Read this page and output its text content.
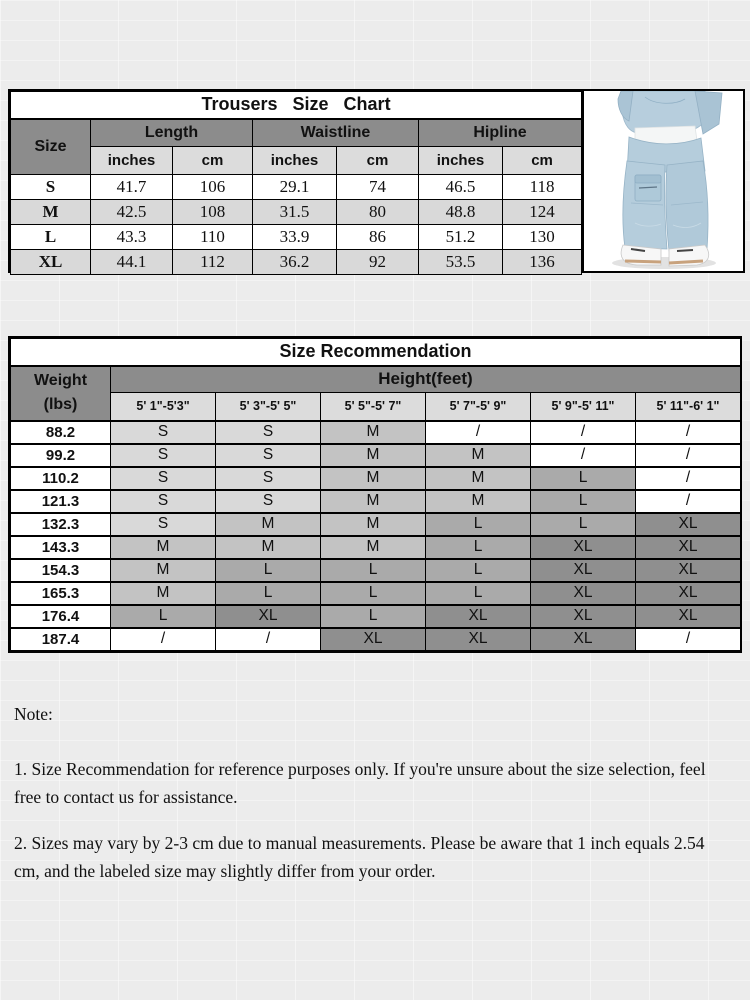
Trousers Size Chart						
Size	Length		Waistline		Hipline	
	inches	cm	inches	cm	inches	cm
S	41.7	106	29.1	74	46.5	118
M	42.5	108	31.5	80	48.8	124
L	43.3	110	33.9	86	51.2	130
XL	44.1	112	36.2	92	53.5	136
Size Recommendation						
Weight
(lbs)	Height(feet)					
	5' 1"-5'3"	5' 3"-5' 5"	5' 5"-5' 7"	5' 7"-5' 9"	5' 9"-5' 11"	5' 11"-6' 1"
88.2	S	S	M	/	/	/
99.2	S	S	M	M	/	/
110.2	S	S	M	M	L	/
121.3	S	S	M	M	L	/
132.3	S	M	M	L	L	XL
143.3	M	M	M	L	XL	XL
154.3	M	L	L	L	XL	XL
165.3	M	L	L	L	XL	XL
176.4	L	XL	L	XL	XL	XL
187.4	/	/	XL	XL	XL	/

Note:

1. Size Recommendation for reference purposes only. If you're unsure about the size selection, feel free to contact us for assistance.

2. Sizes may vary by 2-3 cm due to manual measurements. Please be aware that 1 inch equals 2.54 cm, and the labeled size may slightly differ from your order.
